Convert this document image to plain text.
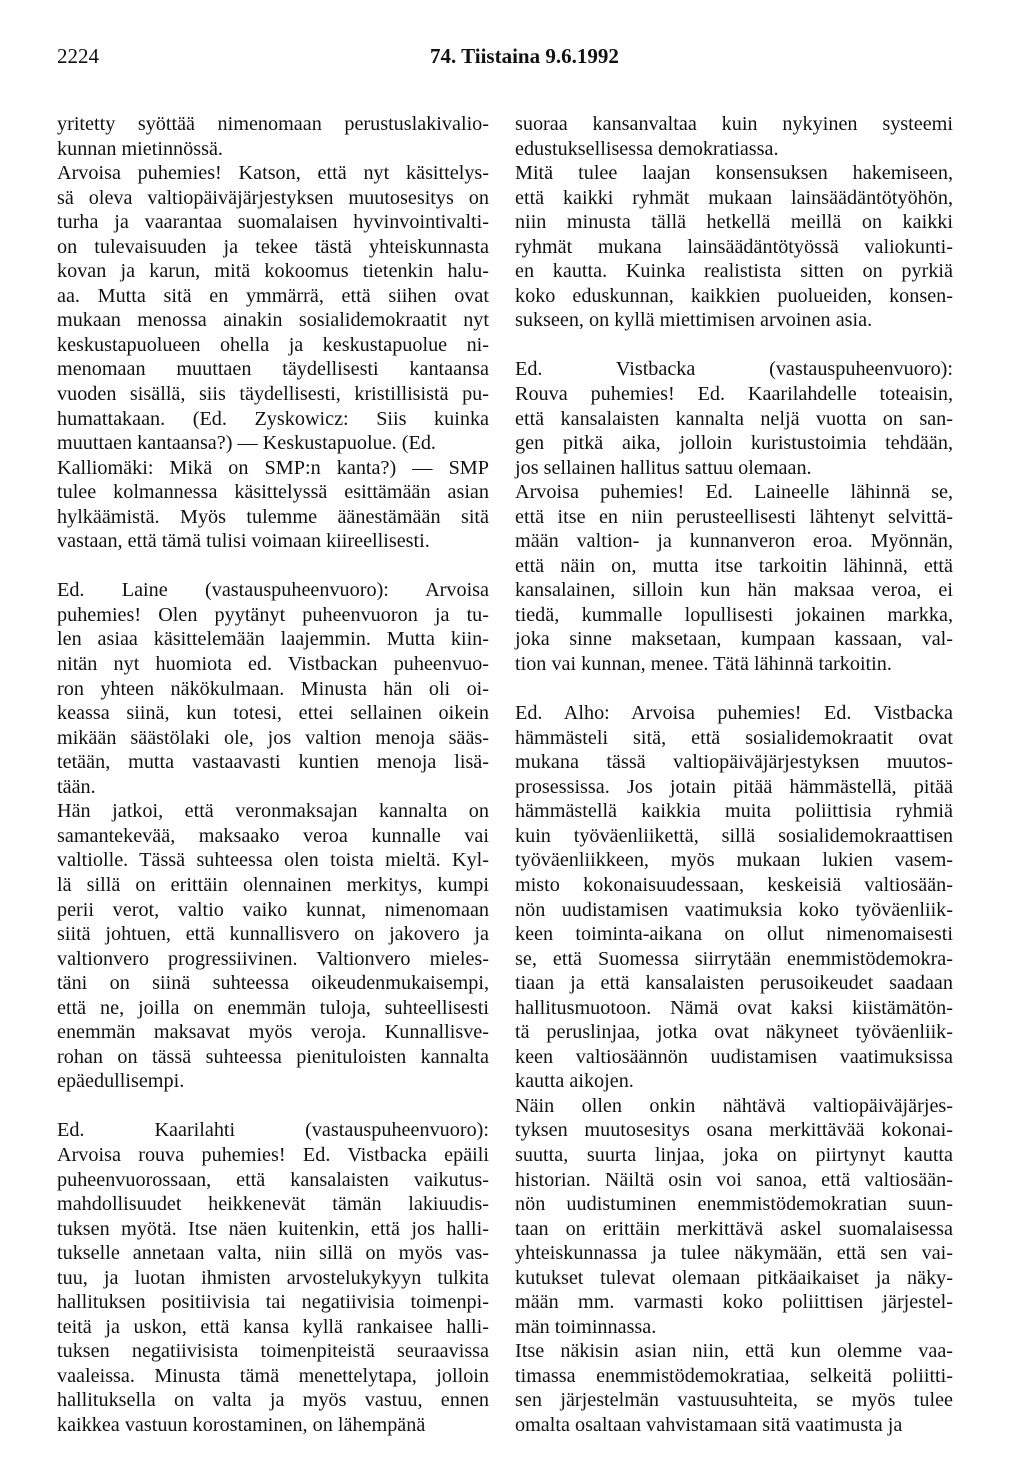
2224	74. Tiistaina 9.6.1992
yritetty syöttää nimenomaan perustuslakivalio-
kunnan mietinnössä.
Arvoisa puhemies! Katson, että nyt käsittelys-
sä oleva valtiopäiväjärjestyksen muutosesitys on
turha ja vaarantaa suomalaisen hyvinvointivalti-
on tulevaisuuden ja tekee tästä yhteiskunnasta
kovan ja karun, mitä kokoomus tietenkin halu-
aa. Mutta sitä en ymmärrä, että siihen ovat
mukaan menossa ainakin sosialidemokraatit nyt
keskustapuolueen ohella ja keskustapuolue ni-
menomaan muuttaen täydellisesti kantaansa
vuoden sisällä, siis täydellisesti, kristillisistä pu-
humattakaan. (Ed. Zyskowicz: Siis kuinka
muuttaen kantaansa?) — Keskustapuolue. (Ed.
Kalliomäki: Mikä on SMP:n kanta?) — SMP
tulee kolmannessa käsittelyssä esittämään asian
hylkäämistä. Myös tulemme äänestämään sitä
vastaan, että tämä tulisi voimaan kiireellisesti.
Ed. Laine (vastauspuheenvuoro): Arvoisa
puhemies! Olen pyytänyt puheenvuoron ja tu-
len asiaa käsittelemään laajemmin. Mutta kiin-
nitän nyt huomiota ed. Vistbackan puheenvuo-
ron yhteen näkökulmaan. Minusta hän oli oi-
keassa siinä, kun totesi, ettei sellainen oikein
mikään säästölaki ole, jos valtion menoja sääs-
tetään, mutta vastaavasti kuntien menoja lisä-
tään.
Hän jatkoi, että veronmaksajan kannalta on
samantekevää, maksaako veroa kunnalle vai
valtiolle. Tässä suhteessa olen toista mieltä. Kyl-
lä sillä on erittäin olennainen merkitys, kumpi
perii verot, valtio vaiko kunnat, nimenomaan
siitä johtuen, että kunnallisvero on jakovero ja
valtionvero progressiivinen. Valtionvero mieles-
täni on siinä suhteessa oikeudenmukaisempi,
että ne, joilla on enemmän tuloja, suhteellisesti
enemmän maksavat myös veroja. Kunnallisve-
rohan on tässä suhteessa pienituloisten kannalta
epäedullisempi.
Ed. Kaarilahti (vastauspuheenvuoro):
Arvoisa rouva puhemies! Ed. Vistbacka epäili
puheenvuorossaan, että kansalaisten vaikutus-
mahdollisuudet heikkenevät tämän lakiuudis-
tuksen myötä. Itse näen kuitenkin, että jos halli-
tukselle annetaan valta, niin sillä on myös vas-
tuu, ja luotan ihmisten arvostelukykyyn tulkita
hallituksen positiivisia tai negatiivisia toimenpi-
teitä ja uskon, että kansa kyllä rankaisee halli-
tuksen negatiivisista toimenpiteistä seuraavissa
vaaleissa. Minusta tämä menettelytapa, jolloin
hallituksella on valta ja myös vastuu, ennen
kaikkea vastuun korostaminen, on lähempänä
suoraa kansanvaltaa kuin nykyinen systeemi
edustuksellisessa demokratiassa.
Mitä tulee laajan konsensuksen hakemiseen,
että kaikki ryhmät mukaan lainsäädäntötyöhön,
niin minusta tällä hetkellä meillä on kaikki
ryhmät mukana lainsäädäntötyössä valiokunti-
en kautta. Kuinka realistista sitten on pyrkiä
koko eduskunnan, kaikkien puolueiden, konsen-
sukseen, on kyllä miettimisen arvoinen asia.
Ed. Vistbacka (vastauspuheenvuoro):
Rouva puhemies! Ed. Kaarilahdelle toteaisin,
että kansalaisten kannalta neljä vuotta on san-
gen pitkä aika, jolloin kuristustoimia tehdään,
jos sellainen hallitus sattuu olemaan.
Arvoisa puhemies! Ed. Laineelle lähinnä se,
että itse en niin perusteellisesti lähtenyt selvittä-
mään valtion- ja kunnanveron eroa. Myönnän,
että näin on, mutta itse tarkoitin lähinnä, että
kansalainen, silloin kun hän maksaa veroa, ei
tiedä, kummalle lopullisesti jokainen markka,
joka sinne maksetaan, kumpaan kassaan, val-
tion vai kunnan, menee. Tätä lähinnä tarkoitin.
Ed. Alho: Arvoisa puhemies! Ed. Vistbacka
hämmästeli sitä, että sosialidemokraatit ovat
mukana tässä valtiopäiväjärjestyksen muutos-
prosessissa. Jos jotain pitää hämmästellä, pitää
hämmästellä kaikkia muita poliittisia ryhmiä
kuin työväenliikettä, sillä sosialidemokraattisen
työväenliikkeen, myös mukaan lukien vasem-
misto kokonaisuudessaan, keskeisiä valtiosään-
nön uudistamisen vaatimuksia koko työväenliik-
keen toiminta-aikana on ollut nimenomaisesti
se, että Suomessa siirrytään enemmistödemokra-
tiaan ja että kansalaisten perusoikeudet saadaan
hallitusmuotoon. Nämä ovat kaksi kiistämätön-
tä peruslinjaa, jotka ovat näkyneet työväenliik-
keen valtiosäännön uudistamisen vaatimuksissa
kautta aikojen.
Näin ollen onkin nähtävä valtiopäiväjärjes-
tyksen muutosesitys osana merkittävää kokonai-
suutta, suurta linjaa, joka on piirtynyt kautta
historian. Näiltä osin voi sanoa, että valtiosään-
nön uudistuminen enemmistödemokratian suun-
taan on erittäin merkittävä askel suomalaisessa
yhteiskunnassa ja tulee näkymään, että sen vai-
kutukset tulevat olemaan pitkäaikaiset ja näky-
mään mm. varmasti koko poliittisen järjestel-
män toiminnassa.
Itse näkisin asian niin, että kun olemme vaa-
timassa enemmistödemokratiaa, selkeitä poliitti-
sen järjestelmän vastuusuhteita, se myös tulee
omalta osaltaan vahvistamaan sitä vaatimusta ja
